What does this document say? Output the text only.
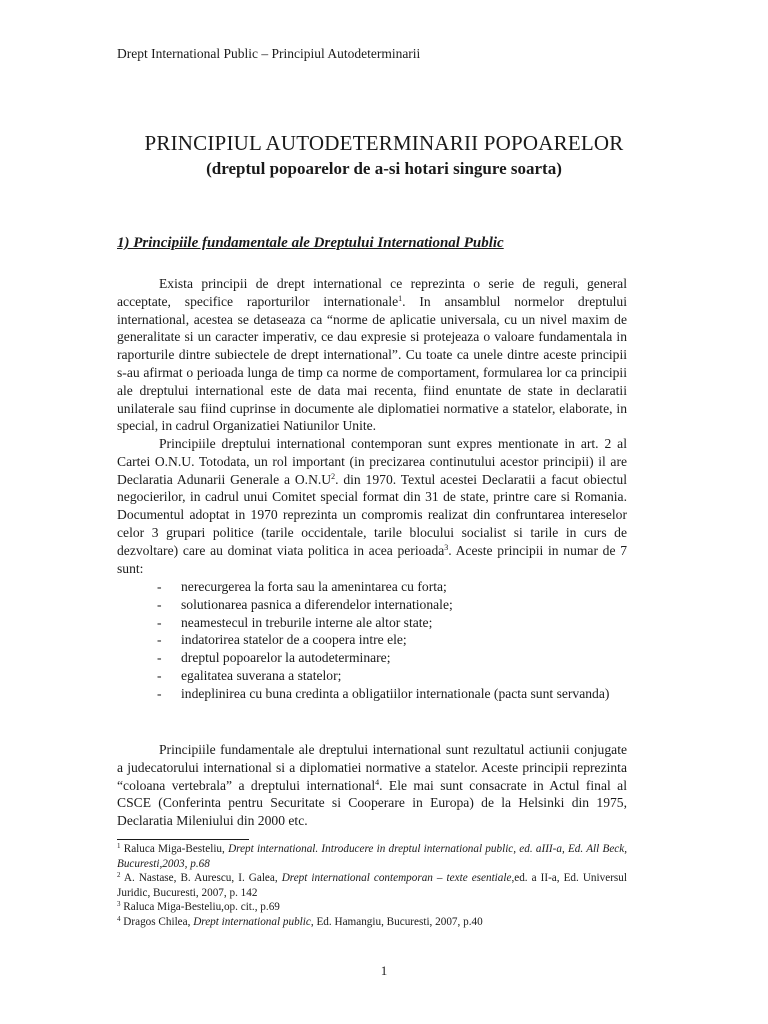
Drept International Public – Principiul Autodeterminarii
PRINCIPIUL AUTODETERMINARII POPOARELOR
(dreptul popoarelor de a-si hotari singure soarta)
1) Principiile fundamentale ale Dreptului International Public

Exista principii de drept international ce reprezinta o serie de reguli, general acceptate, specifice raporturilor internationale$^1$. In ansamblul normelor dreptului international, acestea se detaseaza ca “norme de aplicatie universala, cu un nivel maxim de generalitate si un caracter imperativ, ce dau expresie si protejeaza o valoare fundamentala in raporturile dintre subiectele de drept international”. Cu toate ca unele dintre aceste principii s-au afirmat o perioada lunga de timp ca norme de comportament, formularea lor ca principii ale dreptului international este de data mai recenta, fiind enuntate de state in declaratii unilaterale sau fiind cuprinse in documente ale diplomatiei normative a statelor, elaborate, in special, in cadrul Organizatiei Natiunilor Unite.

Principiile dreptului international contemporan sunt expres mentionate in art. 2 al Cartei O.N.U. Totodata, un rol important (in precizarea continutului acestor principii) il are Declaratia Adunarii Generale a $O.N.U^2$. din 1970. Textul acestei Declaratii a facut obiectul negocierilor, in cadrul unui Comitet special format din 31 de state, printre care si Romania. Documentul adoptat in 1970 reprezinta un compromis realizat din confruntarea intereselor celor 3 grupari politice (tarile occidentale, tarile blocului socialist si tarile in curs de dezvoltare) care au dominat viata politica in acea perioada$^3$. Aceste principii in numar de 7 sunt:

- nerecurgerea la forta sau la amenintarea cu forta;
- solutionarea pasnica a diferendelor internationale;
- neamestecul in treburile interne ale altor state;
- indatorirea statelor de a coopera intre ele;
- dreptul popoarelor la autodeterminare;
- egalitatea suverana a statelor;
- indeplinirea cu buna credinta a obligatiilor internationale (pacta sunt servanda)

Principiile fundamentale ale dreptului international sunt rezultatul actiunii conjugate a judecatorului international si a diplomatiei normative a statelor. Aceste principii reprezinta “coloana vertebrala” a dreptului international$^4$. Ele mai sunt consacrate in Actul final al CSCE (Conferinta pentru Securitate si Cooperare in Europa) de la Helsinki din 1975, Declaratia Mileniului din 2000 etc.

$^1$ Raluca Miga-Besteliu, Drept international. Introducere in dreptul international public, ed. aIII-a, Ed. All Beck, Bucuresti,2003, p.68
$^2$ A. Nastase, B. Aurescu, I. Galea, Drept international contemporan – texte esentiale,ed. a II-a, Ed. Universul Juridic, Bucuresti, 2007, p. 142
$^3$ Raluca Miga-Besteliu,op. cit., p.69
$^4$ Dragos Chilea, Drept international public, Ed. Hamangiu, Bucuresti, 2007, p.40
1
